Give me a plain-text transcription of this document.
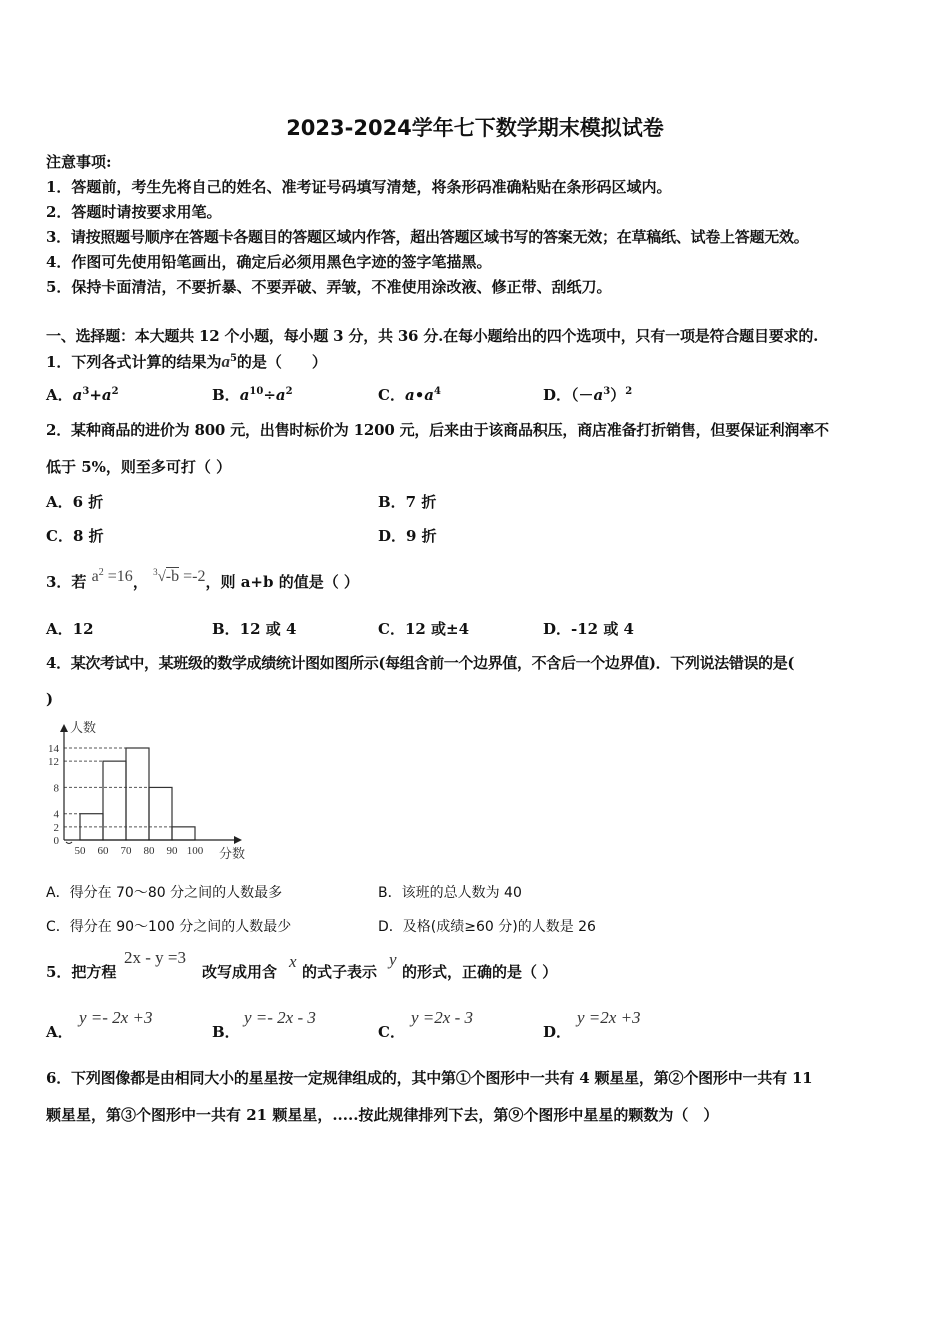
2023-2024学年七下数学期末模拟试卷
注意事项:
1．答题前，考生先将自己的姓名、准考证号码填写清楚，将条形码准确粘贴在条形码区域内。
2．答题时请按要求用笔。
3．请按照题号顺序在答题卡各题目的答题区域内作答，超出答题区域书写的答案无效；在草稿纸、试卷上答题无效。
4．作图可先使用铅笔画出，确定后必须用黑色字迹的签字笔描黑。
5．保持卡面清洁，不要折暴、不要弄破、弄皱，不准使用涂改液、修正带、刮纸刀。
一、选择题：本大题共 12 个小题，每小题 3 分，共 36 分.在每小题给出的四个选项中，只有一项是符合题目要求的.
1．下列各式计算的结果为$a^5$的是（　　）
A．$a^3+a^2$	B．$a^{10}\div a^2$	C．$a•a^4$	D．$(-a^3)^2$
2．某种商品的进价为 800 元，出售时标价为 1200 元，后来由于该商品积压，商店准备打折销售，但要保证利润率不
低于 5%，则至多可打（ ）
A．6 折	B．7 折
C．8 折	D．9 折
3．若 $a^2 =16$， $^3$√-b =-2，则 a+b 的值是（ ）
A．12	B．12 或 4	C．12 或±4	D．-12 或 4
4．某次考试中，某班级的数学成绩统计图如图所示(每组含前一个边界值，不含后一个边界值)．下列说法错误的是(
)
人数
分数
0
2
4
8
12
14
50 60 70 80 90 100
A．得分在 70～80 分之间的人数最多	B．该班的总人数为 40
C．得分在 90～100 分之间的人数最少	D．及格(成绩≥60 分)的人数是 26
5．把方程
2x - y =3
改写成用含
x
的式子表示
y
的形式，正确的是（ ）
A．
y =- 2x +3
B．
y =- 2x - 3
C．
y =2x - 3
D．
y =2x +3
6．下列图像都是由相同大小的星星按一定规律组成的，其中第①个图形中一共有 4 颗星星，第②个图形中一共有 11
颗星星，第③个图形中一共有 21 颗星星，.....按此规律排列下去，第⑨个图形中星星的颗数为（　）
